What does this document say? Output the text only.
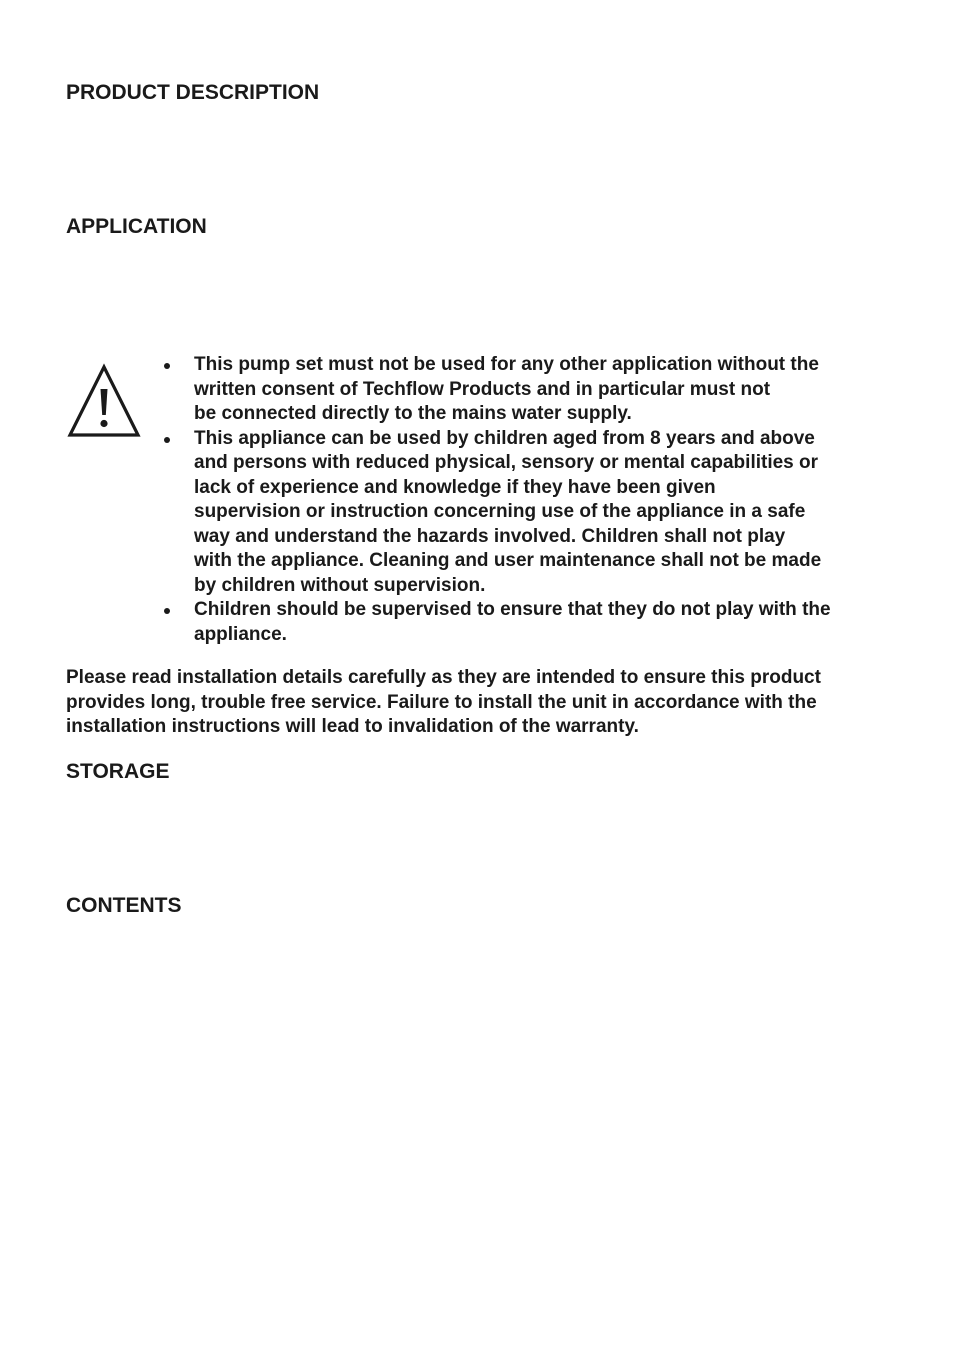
PRODUCT DESCRIPTION
APPLICATION
This pump set must not be used for any other application without the
written consent of Techflow Products and in particular must not
be connected directly to the mains water supply.
This appliance can be used by children aged from 8 years and above
and persons with reduced physical, sensory or mental capabilities or
lack of experience and knowledge if they have been given
supervision or instruction concerning use of the appliance in a safe
way and understand the hazards involved. Children shall not play
with the appliance. Cleaning and user maintenance shall not be made
by children without supervision.
Children should be supervised to ensure that they do not play with the
appliance.

Please read installation details carefully as they are intended to ensure this product
provides long, trouble free service. Failure to install the unit in accordance with the
installation instructions will lead to invalidation of the warranty.

STORAGE
CONTENTS
